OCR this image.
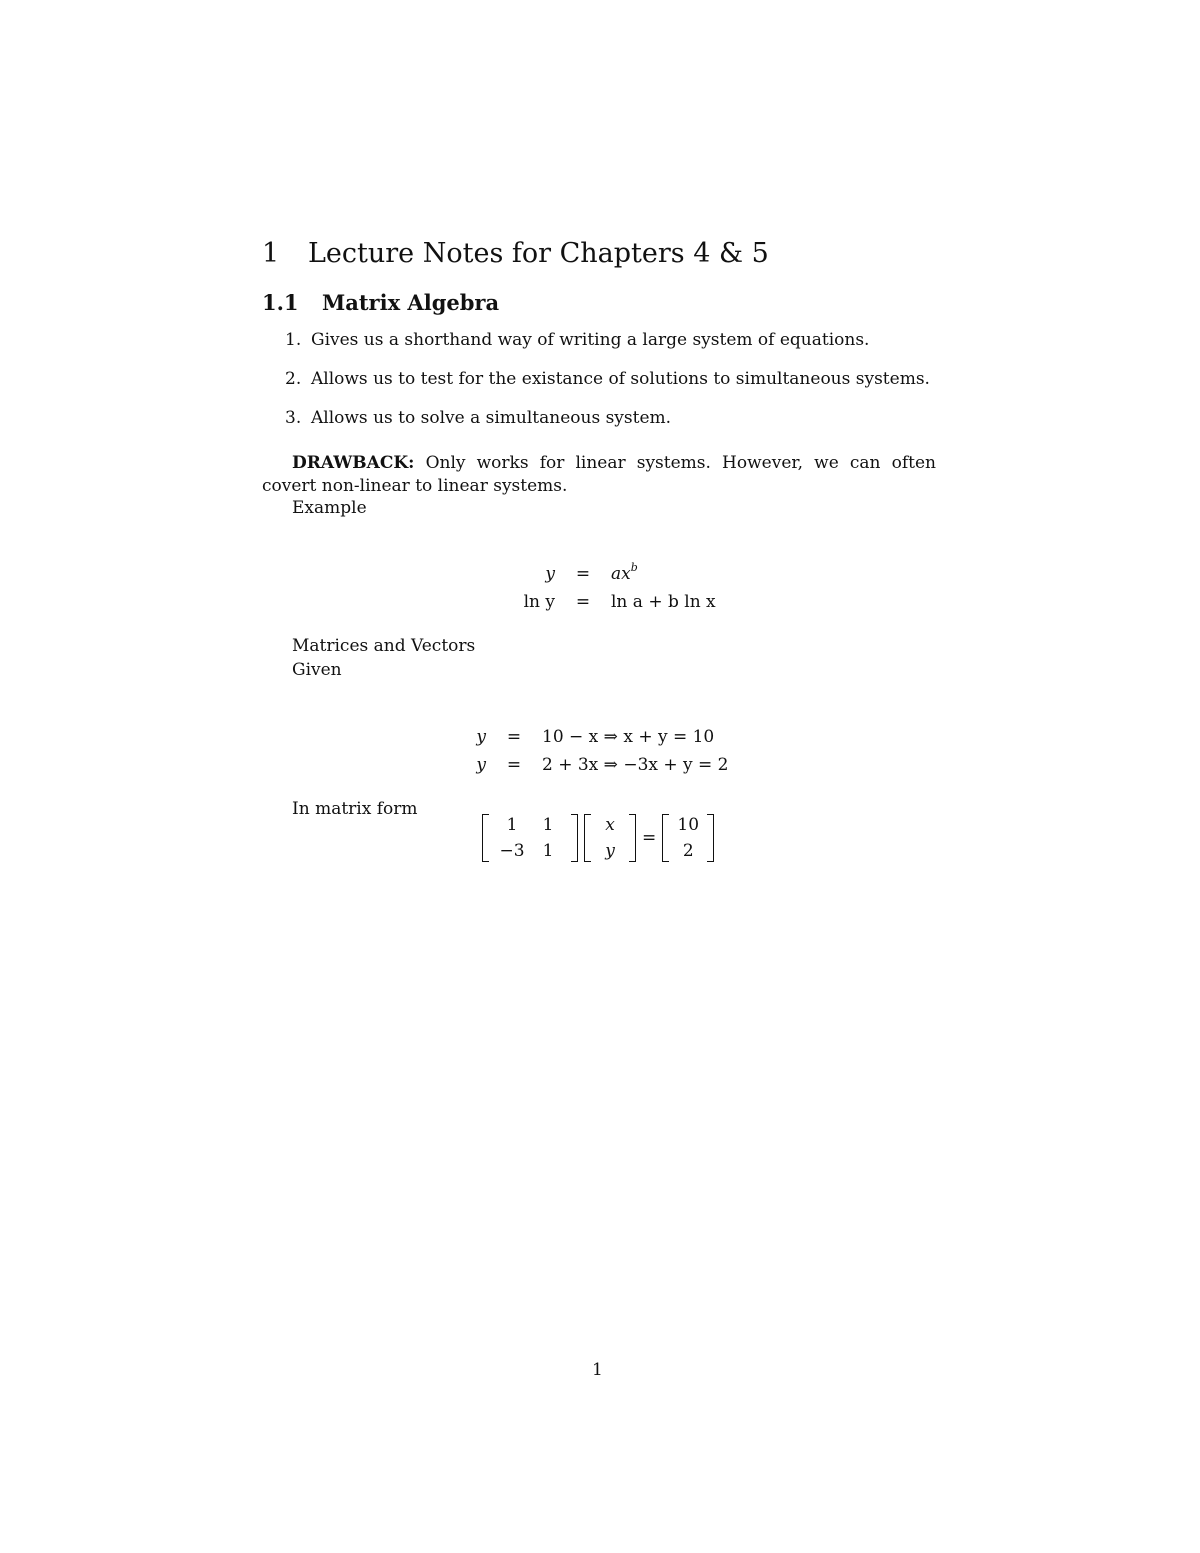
1 Lecture Notes for Chapters 4 & 5
1.1 Matrix Algebra
1. Gives us a shorthand way of writing a large system of equations.
2. Allows us to test for the existance of solutions to simultaneous systems.
3. Allows us to solve a simultaneous system.

DRAWBACK: Only works for linear systems. However, we can often
covert non-linear to linear systems.

Example

y	=	$ax^b$
ln y	=	ln a + b ln x

Matrices and Vectors

Given

y	=	10 − x ⇒ x + y = 10
y	=	2 + 3x ⇒ −3x + y = 2

In matrix form

1	1
−3	1
x
y
=
10
2
1
